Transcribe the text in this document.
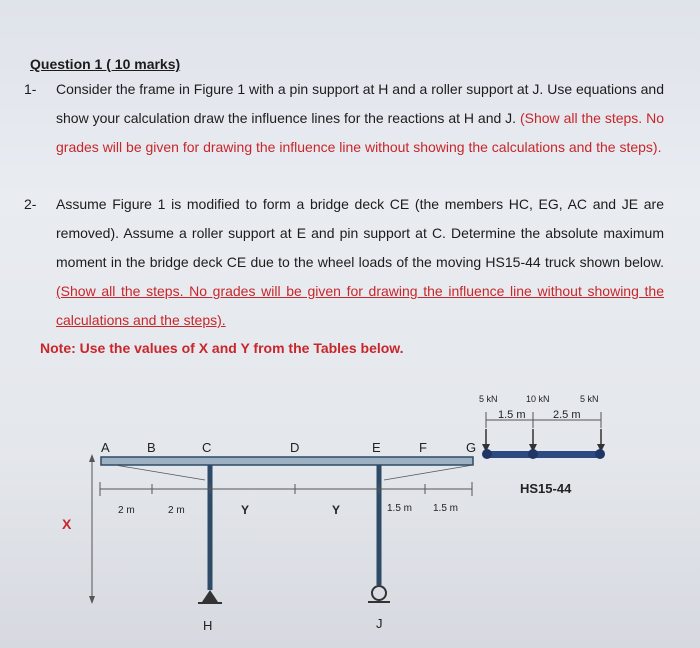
Question 1 ( 10 marks)
1- Consider the frame in Figure 1 with a pin support at H and a roller support at J. Use equations and show your calculation draw the influence lines for the reactions at H and J. (Show all the steps. No grades will be given for drawing the influence line without showing the calculations and the steps).
2- Assume Figure 1 is modified to form a bridge deck CE (the members HC, EG, AC and JE are removed). Assume a roller support at E and pin support at C. Determine the absolute maximum moment in the bridge deck CE due to the wheel loads of the moving HS15-44 truck shown below. (Show all the steps. No grades will be given for drawing the influence line without showing the calculations and the steps).
Note: Use the values of X and Y from the Tables below.
A	B	C	D	E	F	G
H	J
2 m	2 m	Y	Y	1.5 m 1.5 m
X
5 kN	10 kN	5 kN
1.5 m 2.5 m
HS15-44
